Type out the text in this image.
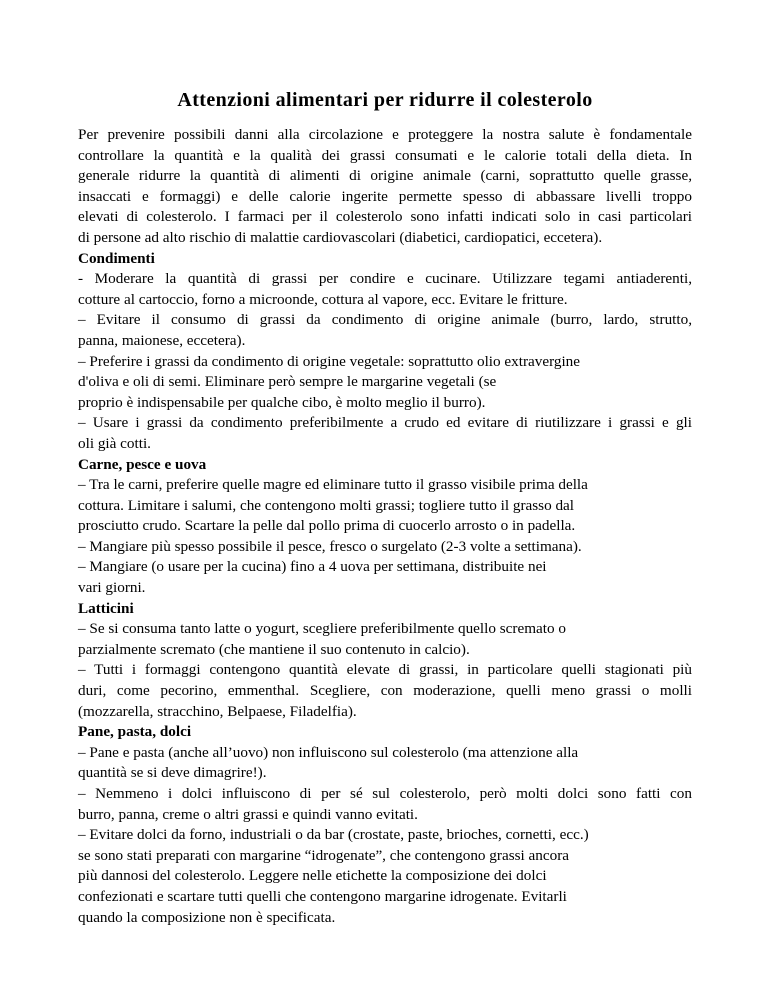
Attenzioni alimentari per ridurre il colesterolo
Per prevenire possibili danni alla circolazione e proteggere la nostra salute è fondamentale
controllare la quantità e la qualità dei grassi consumati e le calorie totali della dieta. In
generale ridurre la quantità di alimenti di origine animale (carni, soprattutto quelle grasse,
insaccati e formaggi) e delle calorie ingerite permette spesso di abbassare livelli troppo
elevati di colesterolo. I farmaci per il colesterolo sono infatti indicati solo in casi particolari
di persone ad alto rischio di malattie cardiovascolari (diabetici, cardiopatici, eccetera).
Condimenti
- Moderare la quantità di grassi per condire e cucinare. Utilizzare tegami antiaderenti,
cotture al cartoccio, forno a microonde, cottura al vapore, ecc. Evitare le fritture.
– Evitare il consumo di grassi da condimento di origine animale (burro, lardo, strutto,
panna, maionese, eccetera).
– Preferire i grassi da condimento di origine vegetale: soprattutto olio extravergine
d'oliva e oli di semi. Eliminare però sempre le margarine vegetali (se
proprio è indispensabile per qualche cibo, è molto meglio il burro).
– Usare i grassi da condimento preferibilmente a crudo ed evitare di riutilizzare i grassi e gli
oli già cotti.
Carne, pesce e uova
– Tra le carni, preferire quelle magre ed eliminare tutto il grasso visibile prima della
cottura. Limitare i salumi, che contengono molti grassi; togliere tutto il grasso dal
prosciutto crudo. Scartare la pelle dal pollo prima di cuocerlo arrosto o in padella.
– Mangiare più spesso possibile il pesce, fresco o surgelato (2-3 volte a settimana).
– Mangiare (o usare per la cucina) fino a 4 uova per settimana, distribuite nei
vari giorni.
Latticini
– Se si consuma tanto latte o yogurt, scegliere preferibilmente quello scremato o
parzialmente scremato (che mantiene il suo contenuto in calcio).
– Tutti i formaggi contengono quantità elevate di grassi, in particolare quelli stagionati più
duri, come pecorino, emmenthal. Scegliere, con moderazione, quelli meno grassi o molli
(mozzarella, stracchino, Belpaese, Filadelfia).
Pane, pasta, dolci
– Pane e pasta (anche all’uovo) non influiscono sul colesterolo (ma attenzione alla
quantità se si deve dimagrire!).
– Nemmeno i dolci influiscono di per sé sul colesterolo, però molti dolci sono fatti con
burro, panna, creme o altri grassi e quindi vanno evitati.
– Evitare dolci da forno, industriali o da bar (crostate, paste, brioches, cornetti, ecc.)
se sono stati preparati con margarine “idrogenate”, che contengono grassi ancora
più dannosi del colesterolo. Leggere nelle etichette la composizione dei dolci
confezionati e scartare tutti quelli che contengono margarine idrogenate. Evitarli
quando la composizione non è specificata.
